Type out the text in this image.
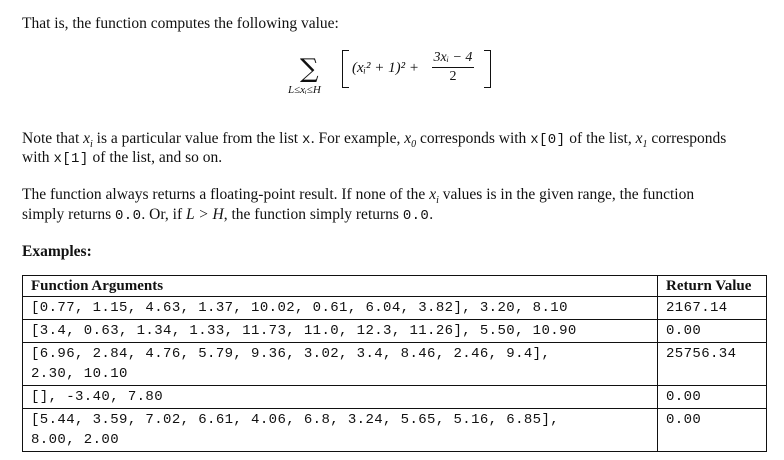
That is, the function computes the following value:
∑
L≤xᵢ≤H
(xᵢ² + $1)^2 + \frac{\text{3xᵢ − 4}}{2}$
Note that $x_i$ is a particular value from the list x. For example, $x_0$ corresponds with x[0] of the list, $x_1$ corresponds
with x[1] of the list, and so on.
The function always returns a floating-point result. If none of the $x_i$ values is in the given range, the function
simply returns 0.0. Or, if L > H, the function simply returns 0.0.
Examples:
Function Arguments	Return Value
[0.77, 1.15, 4.63, 1.37, 10.02, 0.61, 6.04, 3.82], 3.20, 8.10	2167.14
[3.4, 0.63, 1.34, 1.33, 11.73, 11.0, 12.3, 11.26], 5.50, 10.90	0.00

[6.96, 2.84, 4.76, 5.79, 9.36, 3.02, 3.4, 8.46, 2.46, 9.4],
2.30, 10.10	25756.34
[], -3.40, 7.80	0.00

[5.44, 3.59, 7.02, 6.61, 4.06, 6.8, 3.24, 5.65, 5.16, 6.85],
8.00, 2.00	0.00
